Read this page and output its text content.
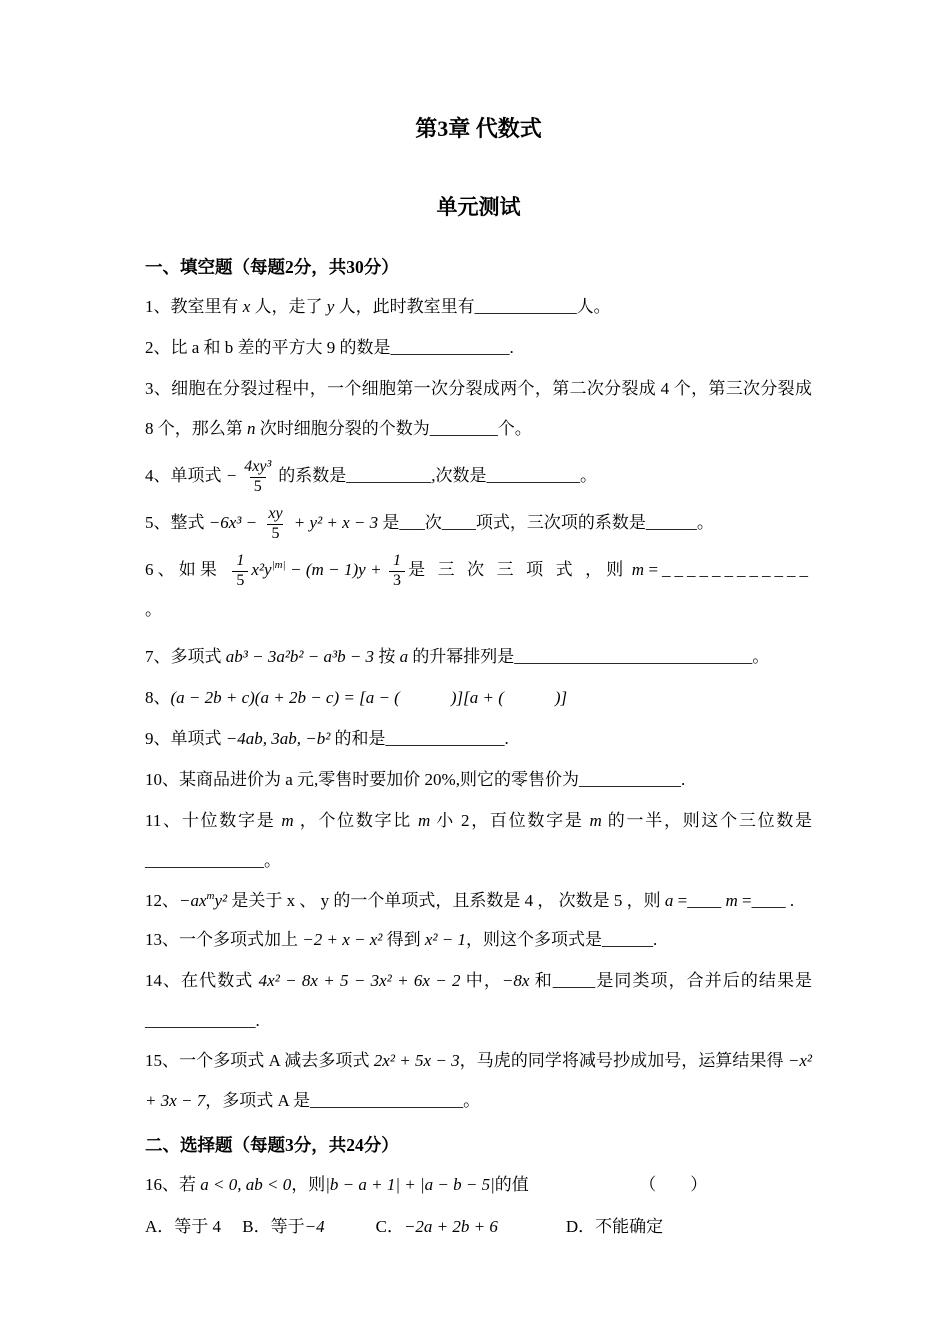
第3章 代数式
单元测试
一、填空题（每题2分，共30分）

1、教室里有 x 人，走了 y 人，此时教室里有____________人。

2、比 a 和 b 差的平方大 9 的数是______________.

3、细胞在分裂过程中，一个细胞第一次分裂成两个，第二次分裂成 4 个，第三次分裂成 8 个，那么第 n 次时细胞分裂的个数为________个。

4、单项式 − $\frac{\text{4xy³}}{5}$ 的系数是__________,次数是___________。

5、整式 $-6x^3 - \frac{xy}{5} + y^2 + x - 3$ 是___次____项式，三次项的系数是______。

6、如果 $\frac{1}{5} x^2y^{|m|} - (m - 1)y + \frac{1}{3}$ 是 三 次 三 项 式 ，则 m =____________ 。

7、多项式 ab³ − 3a²b² − a³b − 3 按 a 的升幂排列是____________________________。

8、(a − 2b + c)(a + 2b − c) = [a − (　　　	)][a + (　　　	)]

9、单项式 −4ab, 3ab, −b² 的和是______________.

10、某商品进价为 a 元,零售时要加价 20%,则它的零售价为____________.

11、十位数字是 m ，个位数字比 m 小 2，百位数字是 m 的一半，则这个三位数是 ______________。

12、$-ax^my^2$ 是关于 x 、 y 的一个单项式，且系数是 4 ， 次数是 5 ，则 a =____ m =____ .

13、一个多项式加上 −2 + x − x² 得到 x² − 1，则这个多项式是______.

14、在代数式 4x² − 8x + 5 − 3x² + 6x − 2 中，−8x 和_____是同类项，合并后的结果是_____________.

15、一个多项式 A 减去多项式 2x² + 5x − 3，马虎的同学将减号抄成加号，运算结果得 −x² + 3x − 7，多项式 A 是__________________。

二、选择题（每题3分，共24分）

16、若 a < 0, ab < 0，则|b − a + 1| + |a − b − 5|的值　　　　　　　（　　）

A．等于 4　 B．等于−4　　　C．−2a + 2b + 6　　　　D．不能确定
